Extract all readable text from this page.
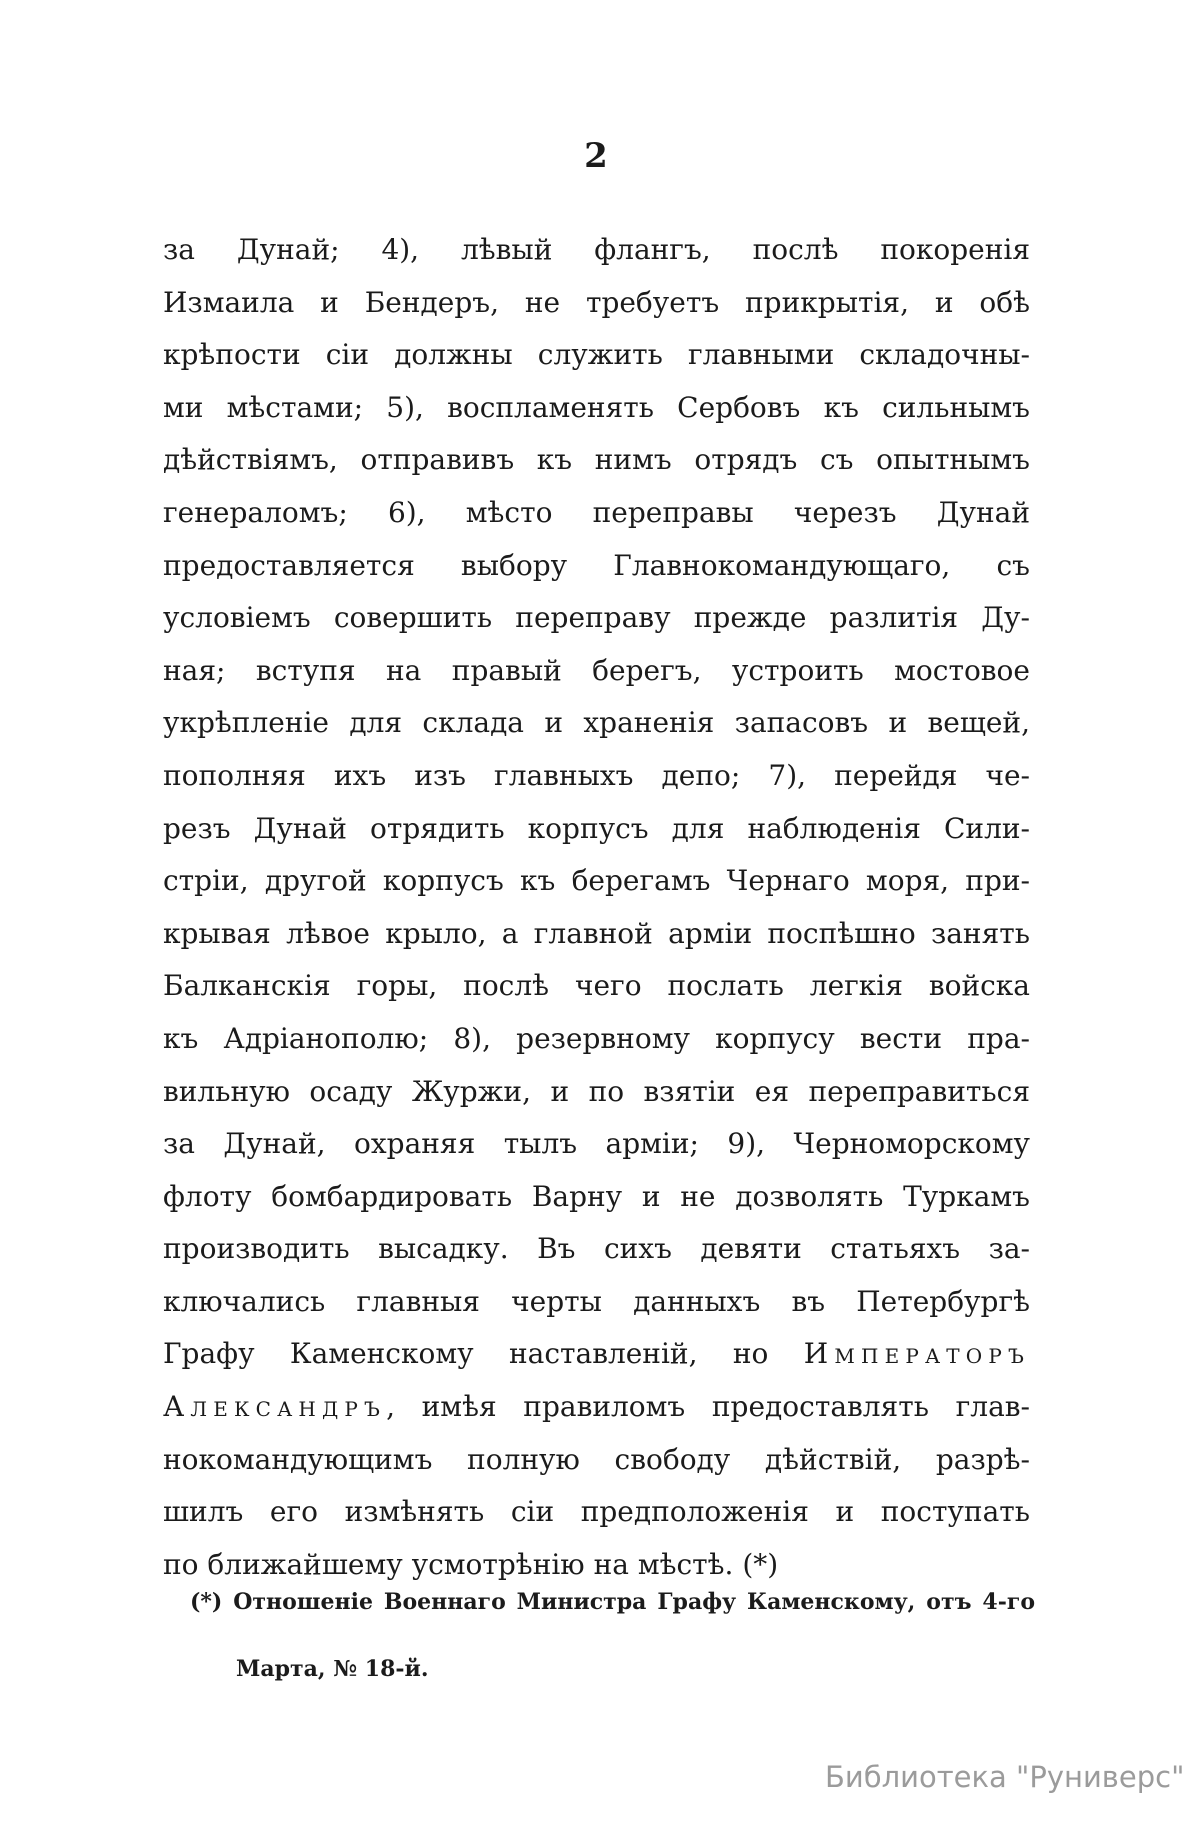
2
за Дунай; 4), лѣвый флангъ, послѣ покоренія
Измаила и Бендеръ, не требуетъ прикрытія, и обѣ
крѣпости сіи должны служить главными складочны-
ми мѣстами; 5), воспламенять Сербовъ къ сильнымъ
дѣйствіямъ, отправивъ къ нимъ отрядъ съ опытнымъ
генераломъ; 6), мѣсто переправы черезъ Дунай
предоставляется выбору Главнокомандующаго, съ
условіемъ совершить переправу прежде разлитія Ду-
ная; вступя на правый берегъ, устроить мостовое
укрѣпленіе для склада и храненія запасовъ и вещей,
пополняя ихъ изъ главныхъ депо; 7), перейдя че-
резъ Дунай отрядить корпусъ для наблюденія Сили-
стріи, другой корпусъ къ берегамъ Чернаго моря, при-
крывая лѣвое крыло, а главной арміи поспѣшно занять
Балканскія горы, послѣ чего послать легкія войска
къ Адріанополю; 8), резервному корпусу вести пра-
вильную осаду Журжи, и по взятіи ея переправиться
за Дунай, охраняя тылъ арміи; 9), Черноморскому
флоту бомбардировать Варну и не дозволять Туркамъ
производить высадку. Въ сихъ девяти статьяхъ за-
ключались главныя черты данныхъ въ Петербургѣ
Графу Каменскому наставленій, но Императоръ
Александръ, имѣя правиломъ предоставлять глав-
нокомандующимъ полную свободу дѣйствій, разрѣ-
шилъ его измѣнять сіи предположенія и поступать
по ближайшему усмотрѣнію на мѣстѣ. (*)
(*) Отношеніе Военнаго Министра Графу Каменскому, отъ 4-го
Марта, № 18-й.
Библиотека "Руниверс"
